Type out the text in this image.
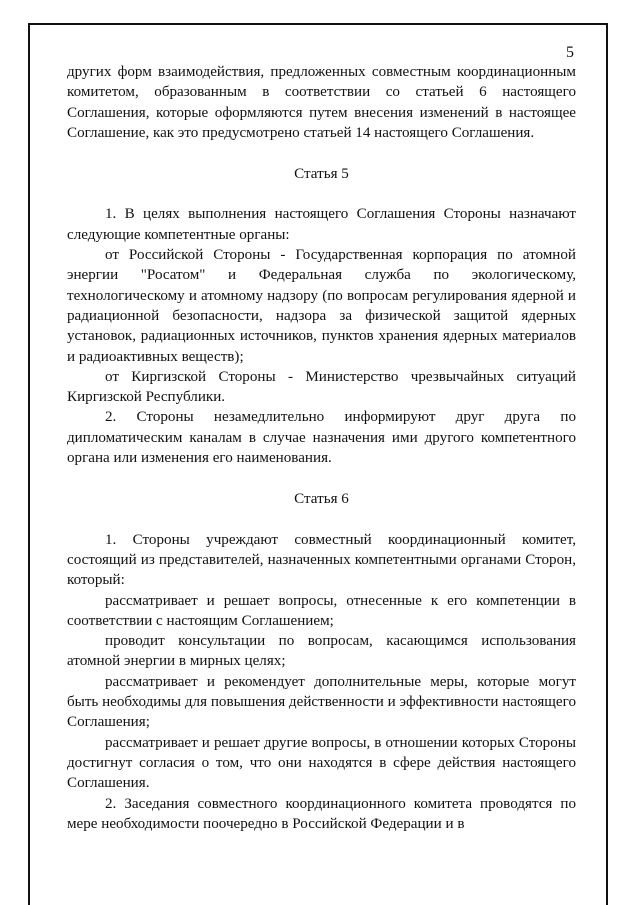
5

других форм взаимодействия, предложенных совместным координационным комитетом, образованным в соответствии со статьей 6 настоящего Соглашения, которые оформляются путем внесения изменений в настоящее Соглашение, как это предусмотрено статьей 14 настоящего Соглашения.

Статья 5

1. В целях выполнения настоящего Соглашения Стороны назначают следующие компетентные органы:

от Российской Стороны - Государственная корпорация по атомной энергии "Росатом" и Федеральная служба по экологическому, технологическому и атомному надзору (по вопросам регулирования ядерной и радиационной безопасности, надзора за физической защитой ядерных установок, радиационных источников, пунктов хранения ядерных материалов и радиоактивных веществ);

от Киргизской Стороны - Министерство чрезвычайных ситуаций Киргизской Республики.

2. Стороны незамедлительно информируют друг друга по дипломатическим каналам в случае назначения ими другого компетентного органа или изменения его наименования.

Статья 6

1. Стороны учреждают совместный координационный комитет, состоящий из представителей, назначенных компетентными органами Сторон, который:

рассматривает и решает вопросы, отнесенные к его компетенции в соответствии с настоящим Соглашением;

проводит консультации по вопросам, касающимся использования атомной энергии в мирных целях;

рассматривает и рекомендует дополнительные меры, которые могут быть необходимы для повышения действенности и эффективности настоящего Соглашения;

рассматривает и решает другие вопросы, в отношении которых Стороны достигнут согласия о том, что они находятся в сфере действия настоящего Соглашения.

2. Заседания совместного координационного комитета проводятся по мере необходимости поочередно в Российской Федерации и в
